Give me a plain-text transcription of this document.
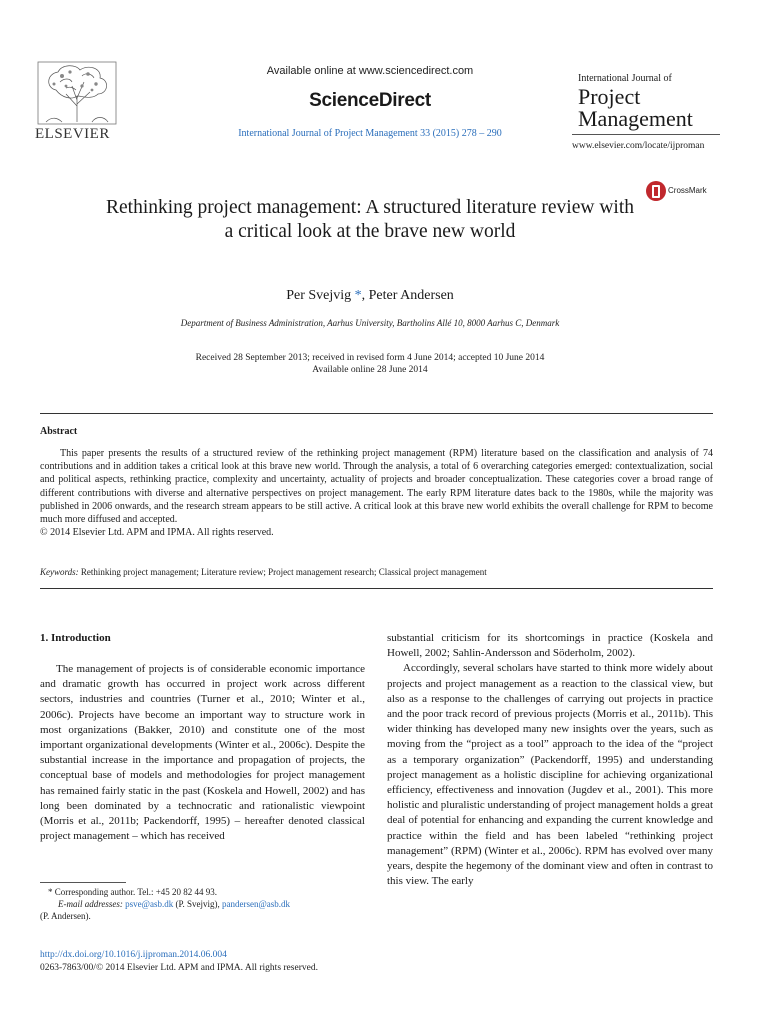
ELSEVIER
Available online at www.sciencedirect.com
ScienceDirect
International Journal of Project Management 33 (2015) 278 – 290
International Journal of
Project
Management
www.elsevier.com/locate/ijproman
CrossMark
Rethinking project management: A structured literature review with a critical look at the brave new world
Per Svejvig *, Peter Andersen
Department of Business Administration, Aarhus University, Bartholins Allé 10, 8000 Aarhus C, Denmark
Received 28 September 2013; received in revised form 4 June 2014; accepted 10 June 2014
Available online 28 June 2014
Abstract
This paper presents the results of a structured review of the rethinking project management (RPM) literature based on the classification and analysis of 74 contributions and in addition takes a critical look at this brave new world. Through the analysis, a total of 6 overarching categories emerged: contextualization, social and political aspects, rethinking practice, complexity and uncertainty, actuality of projects and broader conceptualization. These categories cover a broad range of different contributions with diverse and alternative perspectives on project management. The early RPM literature dates back to the 1980s, while the majority was published in 2006 onwards, and the research stream appears to be still active. A critical look at this brave new world exhibits the overall challenge for RPM to become much more diffused and accepted.
© 2014 Elsevier Ltd. APM and IPMA. All rights reserved.
Keywords: Rethinking project management; Literature review; Project management research; Classical project management
1. Introduction

The management of projects is of considerable economic importance and dramatic growth has occurred in project work across different sectors, industries and countries (Turner et al., 2010; Winter et al., 2006c). Projects have become an important way to structure work in most organizations (Bakker, 2010) and constitute one of the most important organizational developments (Winter et al., 2006c). Despite the substantial increase in the importance and propagation of projects, the conceptual base of models and methodologies for project management has remained fairly static in the past (Koskela and Howell, 2002) and has long been dominated by a technocratic and rationalistic viewpoint (Morris et al., 2011b; Packendorff, 1995) – hereafter denoted classical project management – which has received

substantial criticism for its shortcomings in practice (Koskela and Howell, 2002; Sahlin-Andersson and Söderholm, 2002).

Accordingly, several scholars have started to think more widely about projects and project management as a reaction to the classical view, but also as a response to the challenges of carrying out projects in practice and the poor track record of previous projects (Morris et al., 2011b). This wider thinking has developed many new insights over the years, such as moving from the “project as a tool” approach to the idea of the “project as a temporary organization” (Packendorff, 1995) and understanding project management as a holistic discipline for achieving organizational efficiency, effectiveness and innovation (Jugdev et al., 2001). This more holistic and pluralistic understanding of project management holds a great deal of potential for enhancing and expanding the current knowledge and practice within the field and has been labeled “rethinking project management” (RPM) (Winter et al., 2006c). RPM has evolved over many years, despite the hegemony of the dominant view and often in contrast to this view. The early

* Corresponding author. Tel.: +45 20 82 44 93.
E-mail addresses: psve@asb.dk (P. Svejvig), pandersen@asb.dk
(P. Andersen).
http://dx.doi.org/10.1016/j.ijproman.2014.06.004
0263-7863/00/© 2014 Elsevier Ltd. APM and IPMA. All rights reserved.
